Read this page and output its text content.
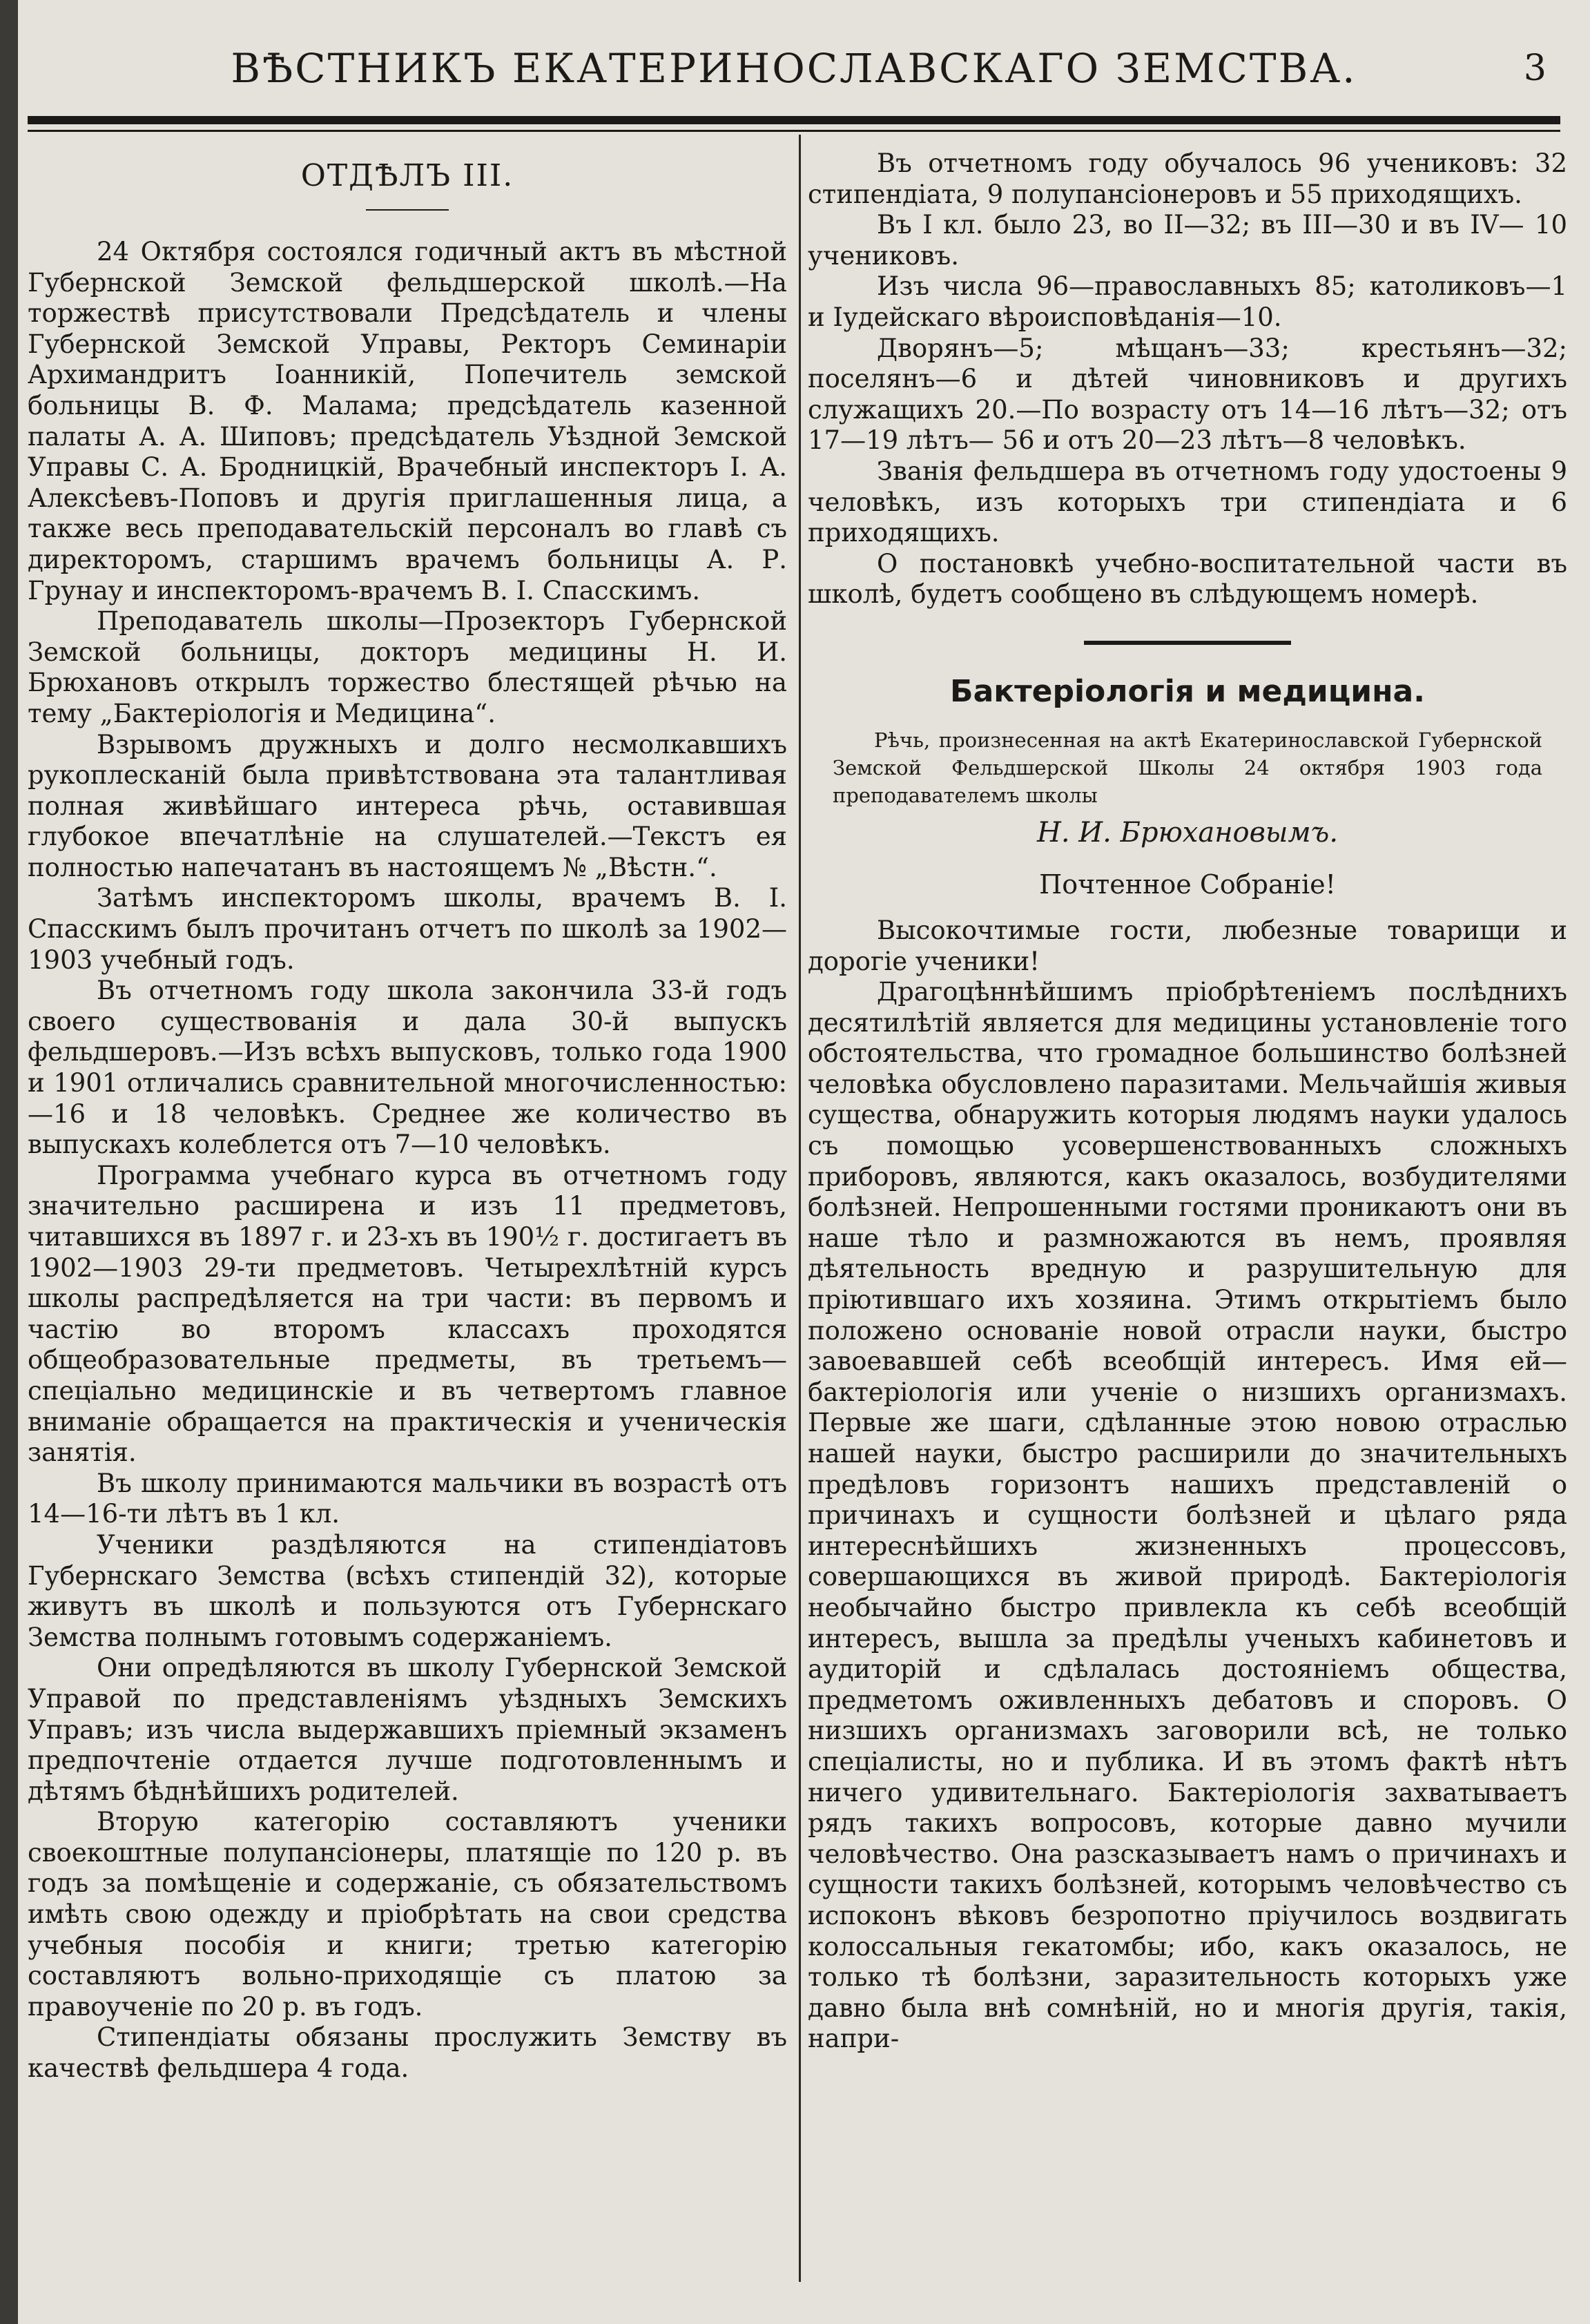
ВѢСТНИКЪ ЕКАТЕРИНОСЛАВСКАГО ЗЕМСТВА.	3
ОТДѢЛЪ III.

24 Октября состоялся годичный актъ въ мѣстной Губернской Земской фельдшерской школѣ.—На торжествѣ присутствовали Предсѣдатель и члены Губернской Земской Управы, Ректоръ Семинаріи Архимандритъ Іоанникій, Попечитель земской больницы В. Ф. Малама; предсѣдатель казенной палаты А. А. Шиповъ; предсѣдатель Уѣздной Земской Управы С. А. Бродницкій, Врачебный инспекторъ І. А. Алексѣевъ-Поповъ и другія приглашенныя лица, а также весь преподавательскій персоналъ во главѣ съ директоромъ, старшимъ врачемъ больницы А. Р. Грунау и инспекторомъ-врачемъ В. І. Спасскимъ.

Преподаватель школы—Прозекторъ Губернской Земской больницы, докторъ медицины Н. И. Брюхановъ открылъ торжество блестящей рѣчью на тему „Бактеріологія и Медицина“.

Взрывомъ дружныхъ и долго несмолкавшихъ рукоплесканій была привѣтствована эта талантливая полная живѣйшаго интереса рѣчь, оставившая глубокое впечатлѣніе на слушателей.—Текстъ ея полностью напечатанъ въ настоящемъ № „Вѣстн.“.

Затѣмъ инспекторомъ школы, врачемъ В. І. Спасскимъ былъ прочитанъ отчетъ по школѣ за 1902—1903 учебный годъ.

Въ отчетномъ году школа закончила 33-й годъ своего существованія и дала 30-й выпускъ фельдшеровъ.—Изъ всѣхъ выпусковъ, только года 1900 и 1901 отличались сравнительной многочисленностью:—16 и 18 человѣкъ. Среднее же количество въ выпускахъ колеблется отъ 7—10 человѣкъ.

Программа учебнаго курса въ отчетномъ году значительно расширена и изъ 11 предметовъ, читавшихся въ 1897 г. и 23-хъ въ 190½ г. достигаетъ въ 1902—1903 29-ти предметовъ. Четырехлѣтній курсъ школы распредѣляется на три части: въ первомъ и частію во второмъ классахъ проходятся общеобразовательные предметы, въ третьемъ—спеціально медицинскіе и въ четвертомъ главное вниманіе обращается на практическія и ученическія занятія.

Въ школу принимаются мальчики въ возрастѣ отъ 14—16-ти лѣтъ въ 1 кл.

Ученики раздѣляются на стипендіатовъ Губернскаго Земства (всѣхъ стипендій 32), которые живутъ въ школѣ и пользуются отъ Губернскаго Земства полнымъ готовымъ содержаніемъ.

Они опредѣляются въ школу Губернской Земской Управой по представленіямъ уѣздныхъ Земскихъ Управъ; изъ числа выдержавшихъ пріемный экзаменъ предпочтеніе отдается лучше подготовленнымъ и дѣтямъ бѣднѣйшихъ родителей.

Вторую категорію составляютъ ученики своекоштные полупансіонеры, платящіе по 120 р. въ годъ за помѣщеніе и содержаніе, съ обязательствомъ имѣть свою одежду и пріобрѣтать на свои средства учебныя пособія и книги; третью категорію составляютъ вольно-приходящіе съ платою за правоученіе по 20 р. въ годъ.

Стипендіаты обязаны прослужить Земству въ качествѣ фельдшера 4 года.

Въ отчетномъ году обучалось 96 учениковъ: 32 стипендіата, 9 полупансіонеровъ и 55 приходящихъ.

Въ I кл. было 23, во II—32; въ III—30 и въ IV— 10 учениковъ.

Изъ числа 96—православныхъ 85; католиковъ—1 и Іудейскаго вѣроисповѣданія—10.

Дворянъ—5; мѣщанъ—33; крестьянъ—32; поселянъ—6 и дѣтей чиновниковъ и другихъ служащихъ 20.—По возрасту отъ 14—16 лѣтъ—32; отъ 17—19 лѣтъ— 56 и отъ 20—23 лѣтъ—8 человѣкъ.

Званія фельдшера въ отчетномъ году удостоены 9 человѣкъ, изъ которыхъ три стипендіата и 6 приходящихъ.

О постановкѣ учебно-воспитательной части въ школѣ, будетъ сообщено въ слѣдующемъ номерѣ.

Бактеріологія и медицина.

Рѣчь, произнесенная на актѣ Екатеринославской Губернской Земской Фельдшерской Школы 24 октября 1903 года преподавателемъ школы

Н. И. Брюхановымъ.
Почтенное Собраніе!

Высокочтимые гости, любезные товарищи и дорогіе ученики!

Драгоцѣннѣйшимъ пріобрѣтеніемъ послѣднихъ десятилѣтій является для медицины установленіе того обстоятельства, что громадное большинство болѣзней человѣка обусловлено паразитами. Мельчайшія живыя существа, обнаружить которыя людямъ науки удалось съ помощью усовершенствованныхъ сложныхъ приборовъ, являются, какъ оказалось, возбудителями болѣзней. Непрошенными гостями проникаютъ они въ наше тѣло и размножаются въ немъ, проявляя дѣятельность вредную и разрушительную для пріютившаго ихъ хозяина. Этимъ открытіемъ было положено основаніе новой отрасли науки, быстро завоевавшей себѣ всеобщій интересъ. Имя ей—бактеріологія или ученіе о низшихъ организмахъ. Первые же шаги, сдѣланные этою новою отраслью нашей науки, быстро расширили до значительныхъ предѣловъ горизонтъ нашихъ представленій о причинахъ и сущности болѣзней и цѣлаго ряда интереснѣйшихъ жизненныхъ процессовъ, совершающихся въ живой природѣ. Бактеріологія необычайно быстро привлекла къ себѣ всеобщій интересъ, вышла за предѣлы ученыхъ кабинетовъ и аудиторій и сдѣлалась достояніемъ общества, предметомъ оживленныхъ дебатовъ и споровъ. О низшихъ организмахъ заговорили всѣ, не только спеціалисты, но и публика. И въ этомъ фактѣ нѣтъ ничего удивительнаго. Бактеріологія захватываетъ рядъ такихъ вопросовъ, которые давно мучили человѣчество. Она разсказываетъ намъ о причинахъ и сущности такихъ болѣзней, которымъ человѣчество съ испоконъ вѣковъ безропотно пріучилось воздвигать колоссальныя гекатомбы; ибо, какъ оказалось, не только тѣ болѣзни, заразительность которыхъ уже давно была внѣ сомнѣній, но и многія другія, такія, напри-
